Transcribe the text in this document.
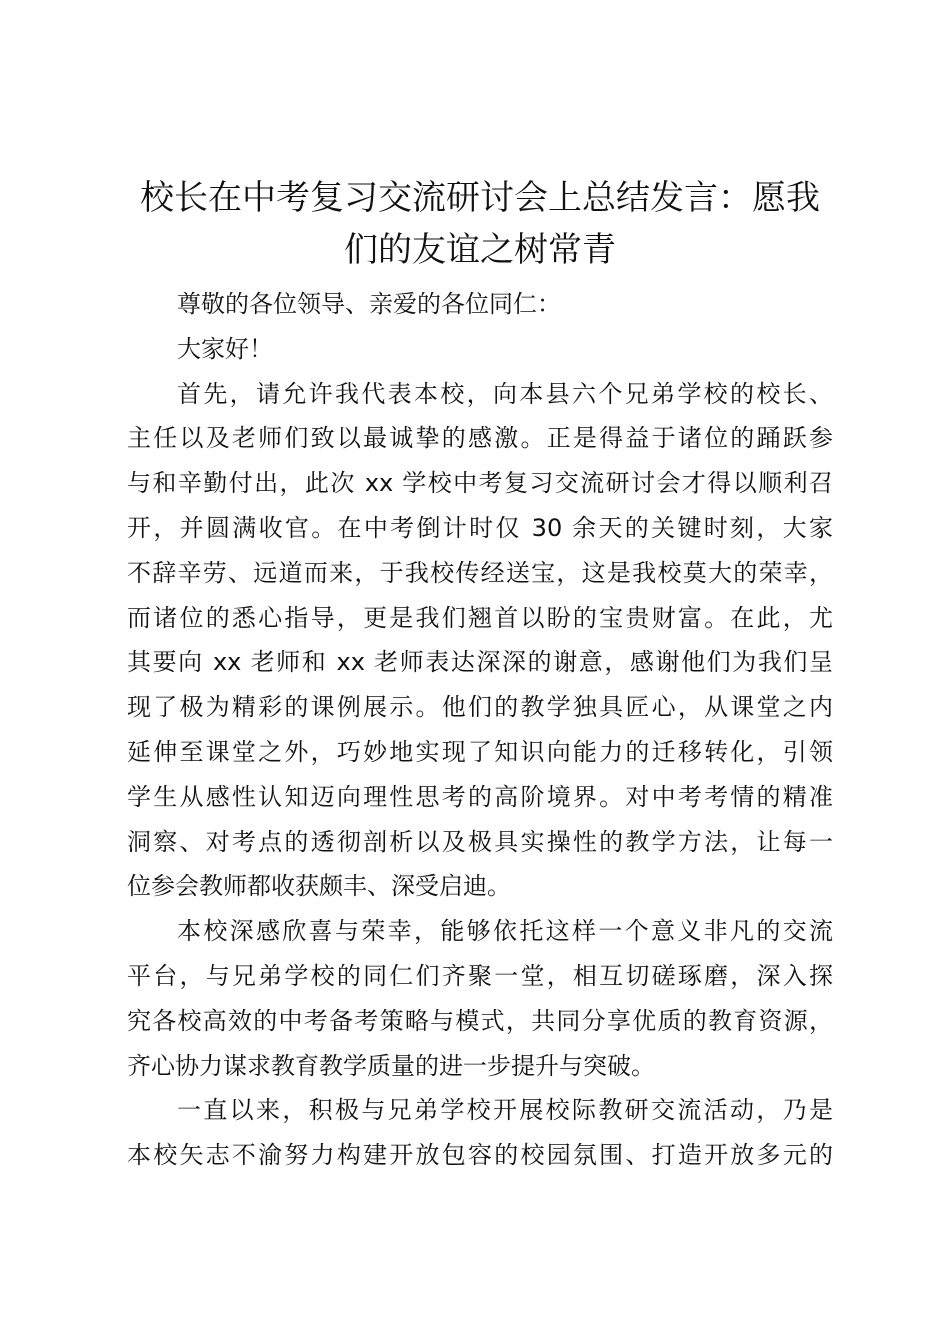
校长在中考复习交流研讨会上总结发言：愿我
们的友谊之树常青
尊敬的各位领导、亲爱的各位同仁：
大家好！
首先，请允许我代表本校，向本县六个兄弟学校的校长、
主任以及老师们致以最诚挚的感激。正是得益于诸位的踊跃参
与和辛勤付出，此次 xx 学校中考复习交流研讨会才得以顺利召
开，并圆满收官。在中考倒计时仅 30 余天的关键时刻，大家
不辞辛劳、远道而来，于我校传经送宝，这是我校莫大的荣幸，
而诸位的悉心指导，更是我们翘首以盼的宝贵财富。在此，尤
其要向 xx 老师和 xx 老师表达深深的谢意，感谢他们为我们呈
现了极为精彩的课例展示。他们的教学独具匠心，从课堂之内
延伸至课堂之外，巧妙地实现了知识向能力的迁移转化，引领
学生从感性认知迈向理性思考的高阶境界。对中考考情的精准
洞察、对考点的透彻剖析以及极具实操性的教学方法，让每一
位参会教师都收获颇丰、深受启迪。
本校深感欣喜与荣幸，能够依托这样一个意义非凡的交流
平台，与兄弟学校的同仁们齐聚一堂，相互切磋琢磨，深入探
究各校高效的中考备考策略与模式，共同分享优质的教育资源，
齐心协力谋求教育教学质量的进一步提升与突破。
一直以来，积极与兄弟学校开展校际教研交流活动，乃是
本校矢志不渝努力构建开放包容的校园氛围、打造开放多元的
